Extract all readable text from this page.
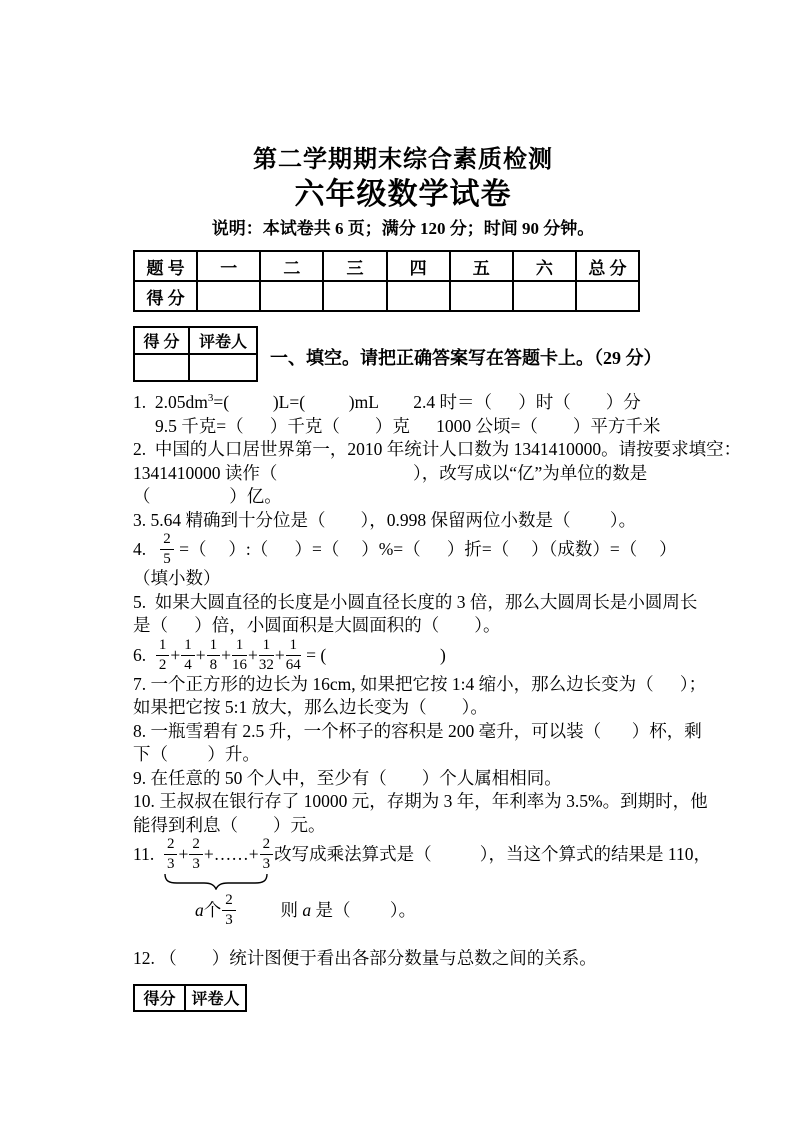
第二学期期末综合素质检测
六年级数学试卷
说明：本试卷共 6 页；满分 120 分；时间 90 分钟。
题 号	一	二	三	四	五	六	总 分
得 分							
得 分	评卷人

一、填空。请把正确答案写在答题卡上。（29 分）
1.  $2.05dm^3=$(          )L=(          )mL        2.4 时＝（      ）时（        ）分
9.5 千克=（      ）千克（        ）克      1000 公顷=（        ）平方千米
2.  中国的人口居世界第一，2010 年统计人口数为 1341410000。请按要求填空：
1341410000 读作（                               ），改写成以“亿”为单位的数是
（                  ）亿。
3. 5.64 精确到十分位是（        ），0.998 保留两位小数是（         ）。
4. $\frac{2}{5}$ =（     ）:（      ）=（     ）%=（      ）折=（     ）（成数）=（     ）
（填小数）
5.  如果大圆直径的长度是小圆直径长度的 3 倍，那么大圆周长是小圆周长
是（      ）倍，小圆面积是大圆面积的（        ）。
6. $\frac{1}{2} + \frac{1}{4} + \frac{1}{8} + \frac{1}{16} + \frac{1}{32} + \frac{1}{64}$ = (                          )
7. 一个正方形的边长为 16cm, 如果把它按 1:4 缩小，那么边长变为（      ）；
如果把它按 5:1 放大，那么边长变为（        ）。
8. 一瓶雪碧有 2.5 升，一个杯子的容积是 200 毫升，可以装（       ）杯，剩
下（         ）升。
9. 在任意的 50 个人中，至少有（        ）个人属相相同。
10. 王叔叔在银行存了 10000 元，存期为 3 年，年利率为 3.5%。到期时，他
能得到利息（        ）元。
11. $\frac{2}{3} + \frac{2}{3}$ +……+ $\frac{2}{3}$ 改写成乘法算式是（           ），当这个算式的结果是 110，
a个 $\frac{2}{3}$ 则 a 是（         ）。
12. （        ）统计图便于看出各部分数量与总数之间的关系。
得分	评卷人
